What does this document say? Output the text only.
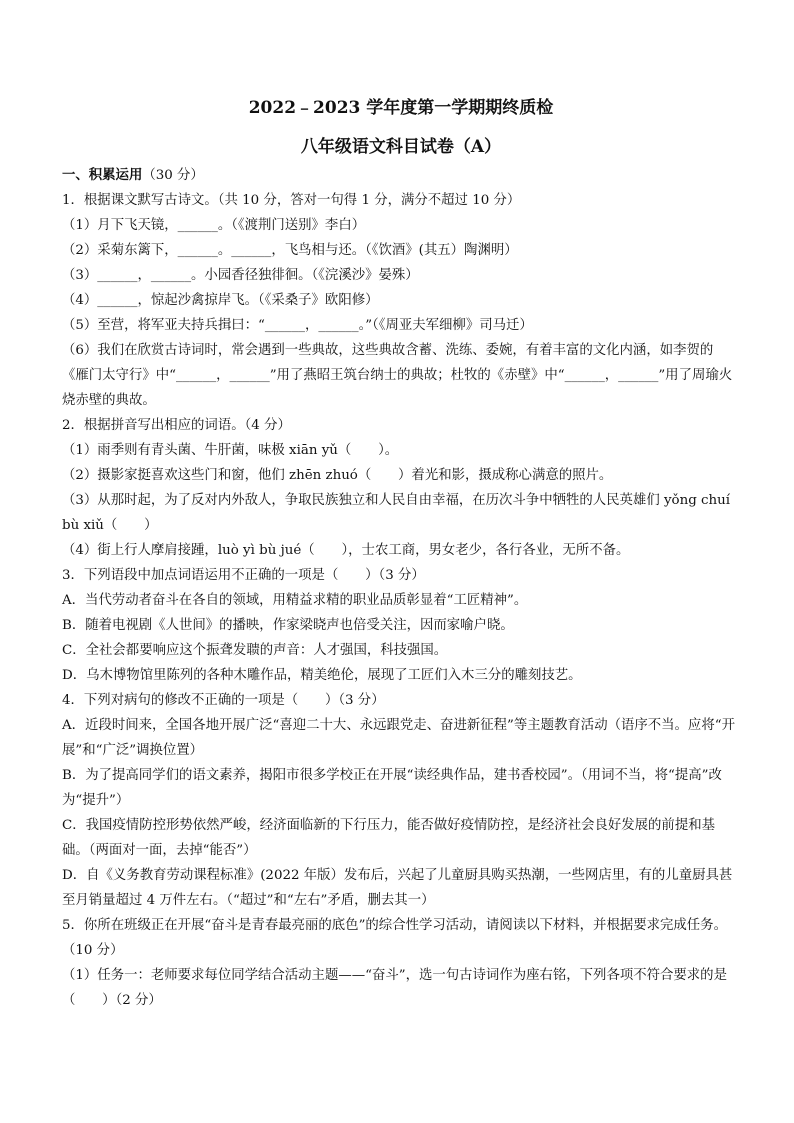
2022﹣2023 学年度第一学期期终质检
八年级语文科目试卷（A）
一、积累运用（30 分）
1．根据课文默写古诗文。（共 10 分，答对一句得 1 分，满分不超过 10 分）
（1）月下飞天镜，______。（《渡荆门送别》李白）
（2）采菊东篱下，______。______，飞鸟相与还。（《饮酒》(其五）陶渊明）
（3）______，______。小园香径独徘徊。（《浣溪沙》晏殊）
（4）______，惊起沙禽掠岸飞。（《采桑子》欧阳修）
（5）至营，将军亚夫持兵揖曰：“______，______。”（《周亚夫军细柳》司马迁）
（6）我们在欣赏古诗词时，常会遇到一些典故，这些典故含蓄、洗练、委婉，有着丰富的文化内涵，如李贺的《雁门太守行》中“______，______”用了燕昭王筑台纳士的典故；杜牧的《赤壁》中“______，______”用了周瑜火烧赤壁的典故。
2．根据拼音写出相应的词语。（4 分）
（1）雨季则有青头菌、牛肝菌，味极 xiān yǔ（　　）。
（2）摄影家挺喜欢这些门和窗，他们 zhēn zhuó（　　）着光和影，摄成称心满意的照片。
（3）从那时起，为了反对内外敌人，争取民族独立和人民自由幸福，在历次斗争中牺牲的人民英雄们 yǒng chuí bù xiǔ（　　）
（4）街上行人摩肩接踵，luò yì bù jué（　　），士农工商，男女老少，各行各业，无所不备。
3．下列语段中加点词语运用不正确的一项是（　　）（3 分）
A．当代劳动者奋斗在各自的领域，用精益求精的职业品质彰显着“工匠精神”。
B．随着电视剧《人世间》的播映，作家梁晓声也倍受关注，因而家喻户晓。
C．全社会都要响应这个振聋发聩的声音：人才强国，科技强国。
D．乌木博物馆里陈列的各种木雕作品，精美绝伦，展现了工匠们入木三分的雕刻技艺。
4．下列对病句的修改不正确的一项是（　　）（3 分）
A．近段时间来，全国各地开展广泛“喜迎二十大、永远跟党走、奋进新征程”等主题教育活动（语序不当。应将“开展”和“广泛”调换位置）
B．为了提高同学们的语文素养，揭阳市很多学校正在开展“读经典作品，建书香校园”。（用词不当，将“提高”改为“提升”）
C．我国疫情防控形势依然严峻，经济面临新的下行压力，能否做好疫情防控，是经济社会良好发展的前提和基础。（两面对一面，去掉“能否”）
D．自《义务教育劳动课程标准》(2022 年版）发布后，兴起了儿童厨具购买热潮，一些网店里，有的儿童厨具甚至月销量超过 4 万件左右。（“超过”和“左右”矛盾，删去其一）
5．你所在班级正在开展“奋斗是青春最亮丽的底色”的综合性学习活动，请阅读以下材料，并根据要求完成任务。（10 分）
（1）任务一：老师要求每位同学结合活动主题——“奋斗”，选一句古诗词作为座右铭，下列各项不符合要求的是（　　）（2 分）
